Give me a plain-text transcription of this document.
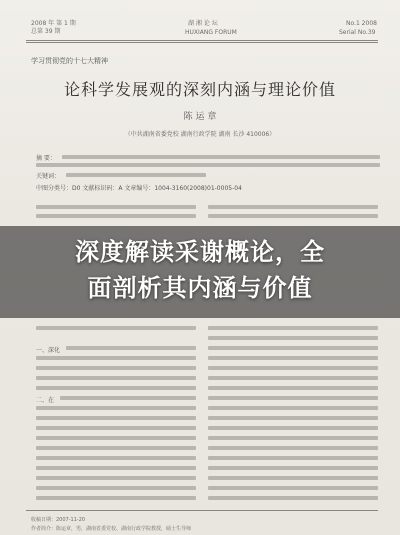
2008 年 第 1 期
总第 39 期
湖 湘 论 坛
HUXIANG FORUM
No.1 2008
Serial No.39
学习贯彻党的十七大精神
论科学发展观的深刻内涵与理论价值
陈 运 章
（中共湖南省委党校 湖南行政学院 湖南 长沙 410006）
摘 要：
关键词：
中图分类号：D0 文献标识码：A 文章编号：1004-3160(2008)01-0005-04
深度解读采谢概论，全
面剖析其内涵与价值
一、深化
二、在
收稿日期：2007-11-20
作者简介：陈运章，男，湖南省委党校、湖南行政学院教授，硕士生导师
